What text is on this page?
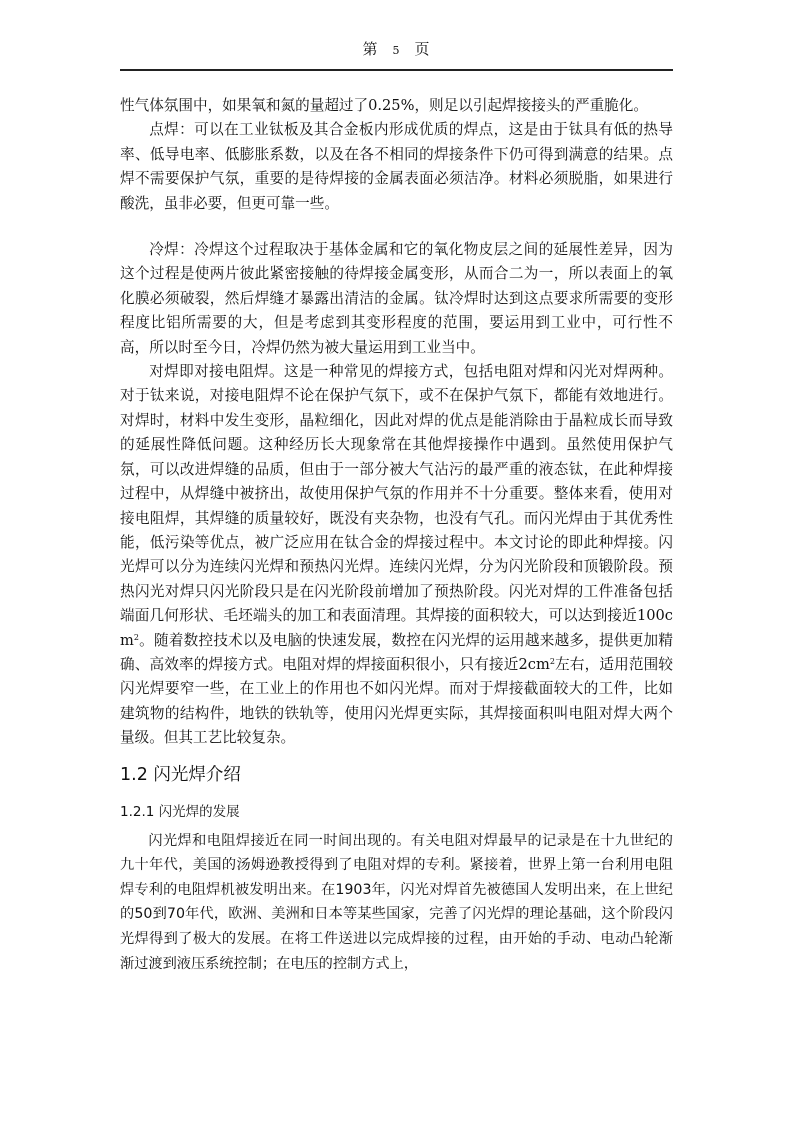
第 5 页

性气体氛围中，如果氧和氮的量超过了0.25%，则足以引起焊接接头的严重脆化。

点焊：可以在工业钛板及其合金板内形成优质的焊点，这是由于钛具有低的热导率、低导电率、低膨胀系数，以及在各不相同的焊接条件下仍可得到满意的结果。点焊不需要保护气氛，重要的是待焊接的金属表面必须洁净。材料必须脱脂，如果进行酸洗，虽非必要，但更可靠一些。

冷焊：冷焊这个过程取决于基体金属和它的氧化物皮层之间的延展性差异，因为这个过程是使两片彼此紧密接触的待焊接金属变形，从而合二为一，所以表面上的氧化膜必须破裂，然后焊缝才暴露出清洁的金属。钛冷焊时达到这点要求所需要的变形程度比铝所需要的大，但是考虑到其变形程度的范围，要运用到工业中，可行性不高，所以时至今日，冷焊仍然为被大量运用到工业当中。

对焊即对接电阻焊。这是一种常见的焊接方式，包括电阻对焊和闪光对焊两种。对于钛来说，对接电阻焊不论在保护气氛下，或不在保护气氛下，都能有效地进行。对焊时，材料中发生变形，晶粒细化，因此对焊的优点是能消除由于晶粒成长而导致的延展性降低问题。这种经历长大现象常在其他焊接操作中遇到。虽然使用保护气氛，可以改进焊缝的品质，但由于一部分被大气沾污的最严重的液态钛，在此种焊接过程中，从焊缝中被挤出，故使用保护气氛的作用并不十分重要。整体来看，使用对接电阻焊，其焊缝的质量较好，既没有夹杂物，也没有气孔。而闪光焊由于其优秀性能，低污染等优点，被广泛应用在钛合金的焊接过程中。本文讨论的即此种焊接。闪光焊可以分为连续闪光焊和预热闪光焊。连续闪光焊，分为闪光阶段和顶锻阶段。预热闪光对焊只闪光阶段只是在闪光阶段前增加了预热阶段。闪光对焊的工件准备包括端面几何形状、毛坯端头的加工和表面清理。其焊接的面积较大，可以达到接近$100cm^2$。随着数控技术以及电脑的快速发展，数控在闪光焊的运用越来越多，提供更加精确、高效率的焊接方式。电阻对焊的焊接面积很小，只有接近$2cm^2$左右，适用范围较闪光焊要窄一些，在工业上的作用也不如闪光焊。而对于焊接截面较大的工件，比如建筑物的结构件，地铁的铁轨等，使用闪光焊更实际，其焊接面积叫电阻对焊大两个量级。但其工艺比较复杂。

1.2 闪光焊介绍
1.2.1 闪光焊的发展

闪光焊和电阻焊接近在同一时间出现的。有关电阻对焊最早的记录是在十九世纪的九十年代，美国的汤姆逊教授得到了电阻对焊的专利。紧接着，世界上第一台利用电阻焊专利的电阻焊机被发明出来。在1903年，闪光对焊首先被德国人发明出来，在上世纪的50到70年代，欧洲、美洲和日本等某些国家，完善了闪光焊的理论基础，这个阶段闪光焊得到了极大的发展。在将工件送进以完成焊接的过程，由开始的手动、电动凸轮渐渐过渡到液压系统控制；在电压的控制方式上，
